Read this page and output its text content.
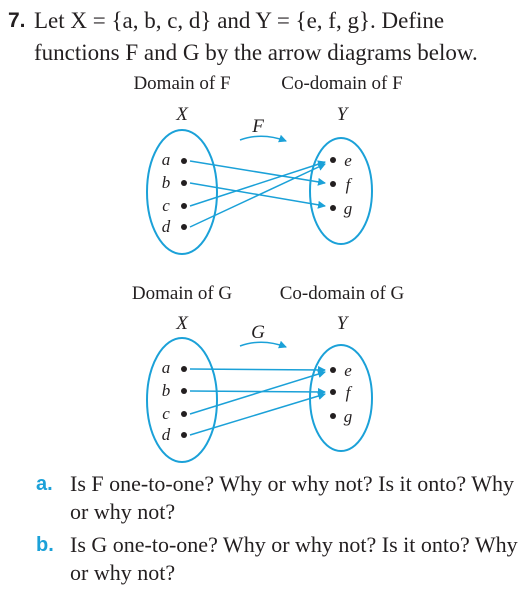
7. Let X = {a, b, c, d} and Y = {e, f, g}. Define
functions F and G by the arrow diagrams below.
Domain of F	Co-domain of F
X	Y
F
a
b
c
d
e
f
g
Domain of G	Co-domain of G
X	Y
G
a
b
c
d
e
f
g
a. Is F one-to-one? Why or why not? Is it onto? Why or why not?
b. Is G one-to-one? Why or why not? Is it onto? Why or why not?
